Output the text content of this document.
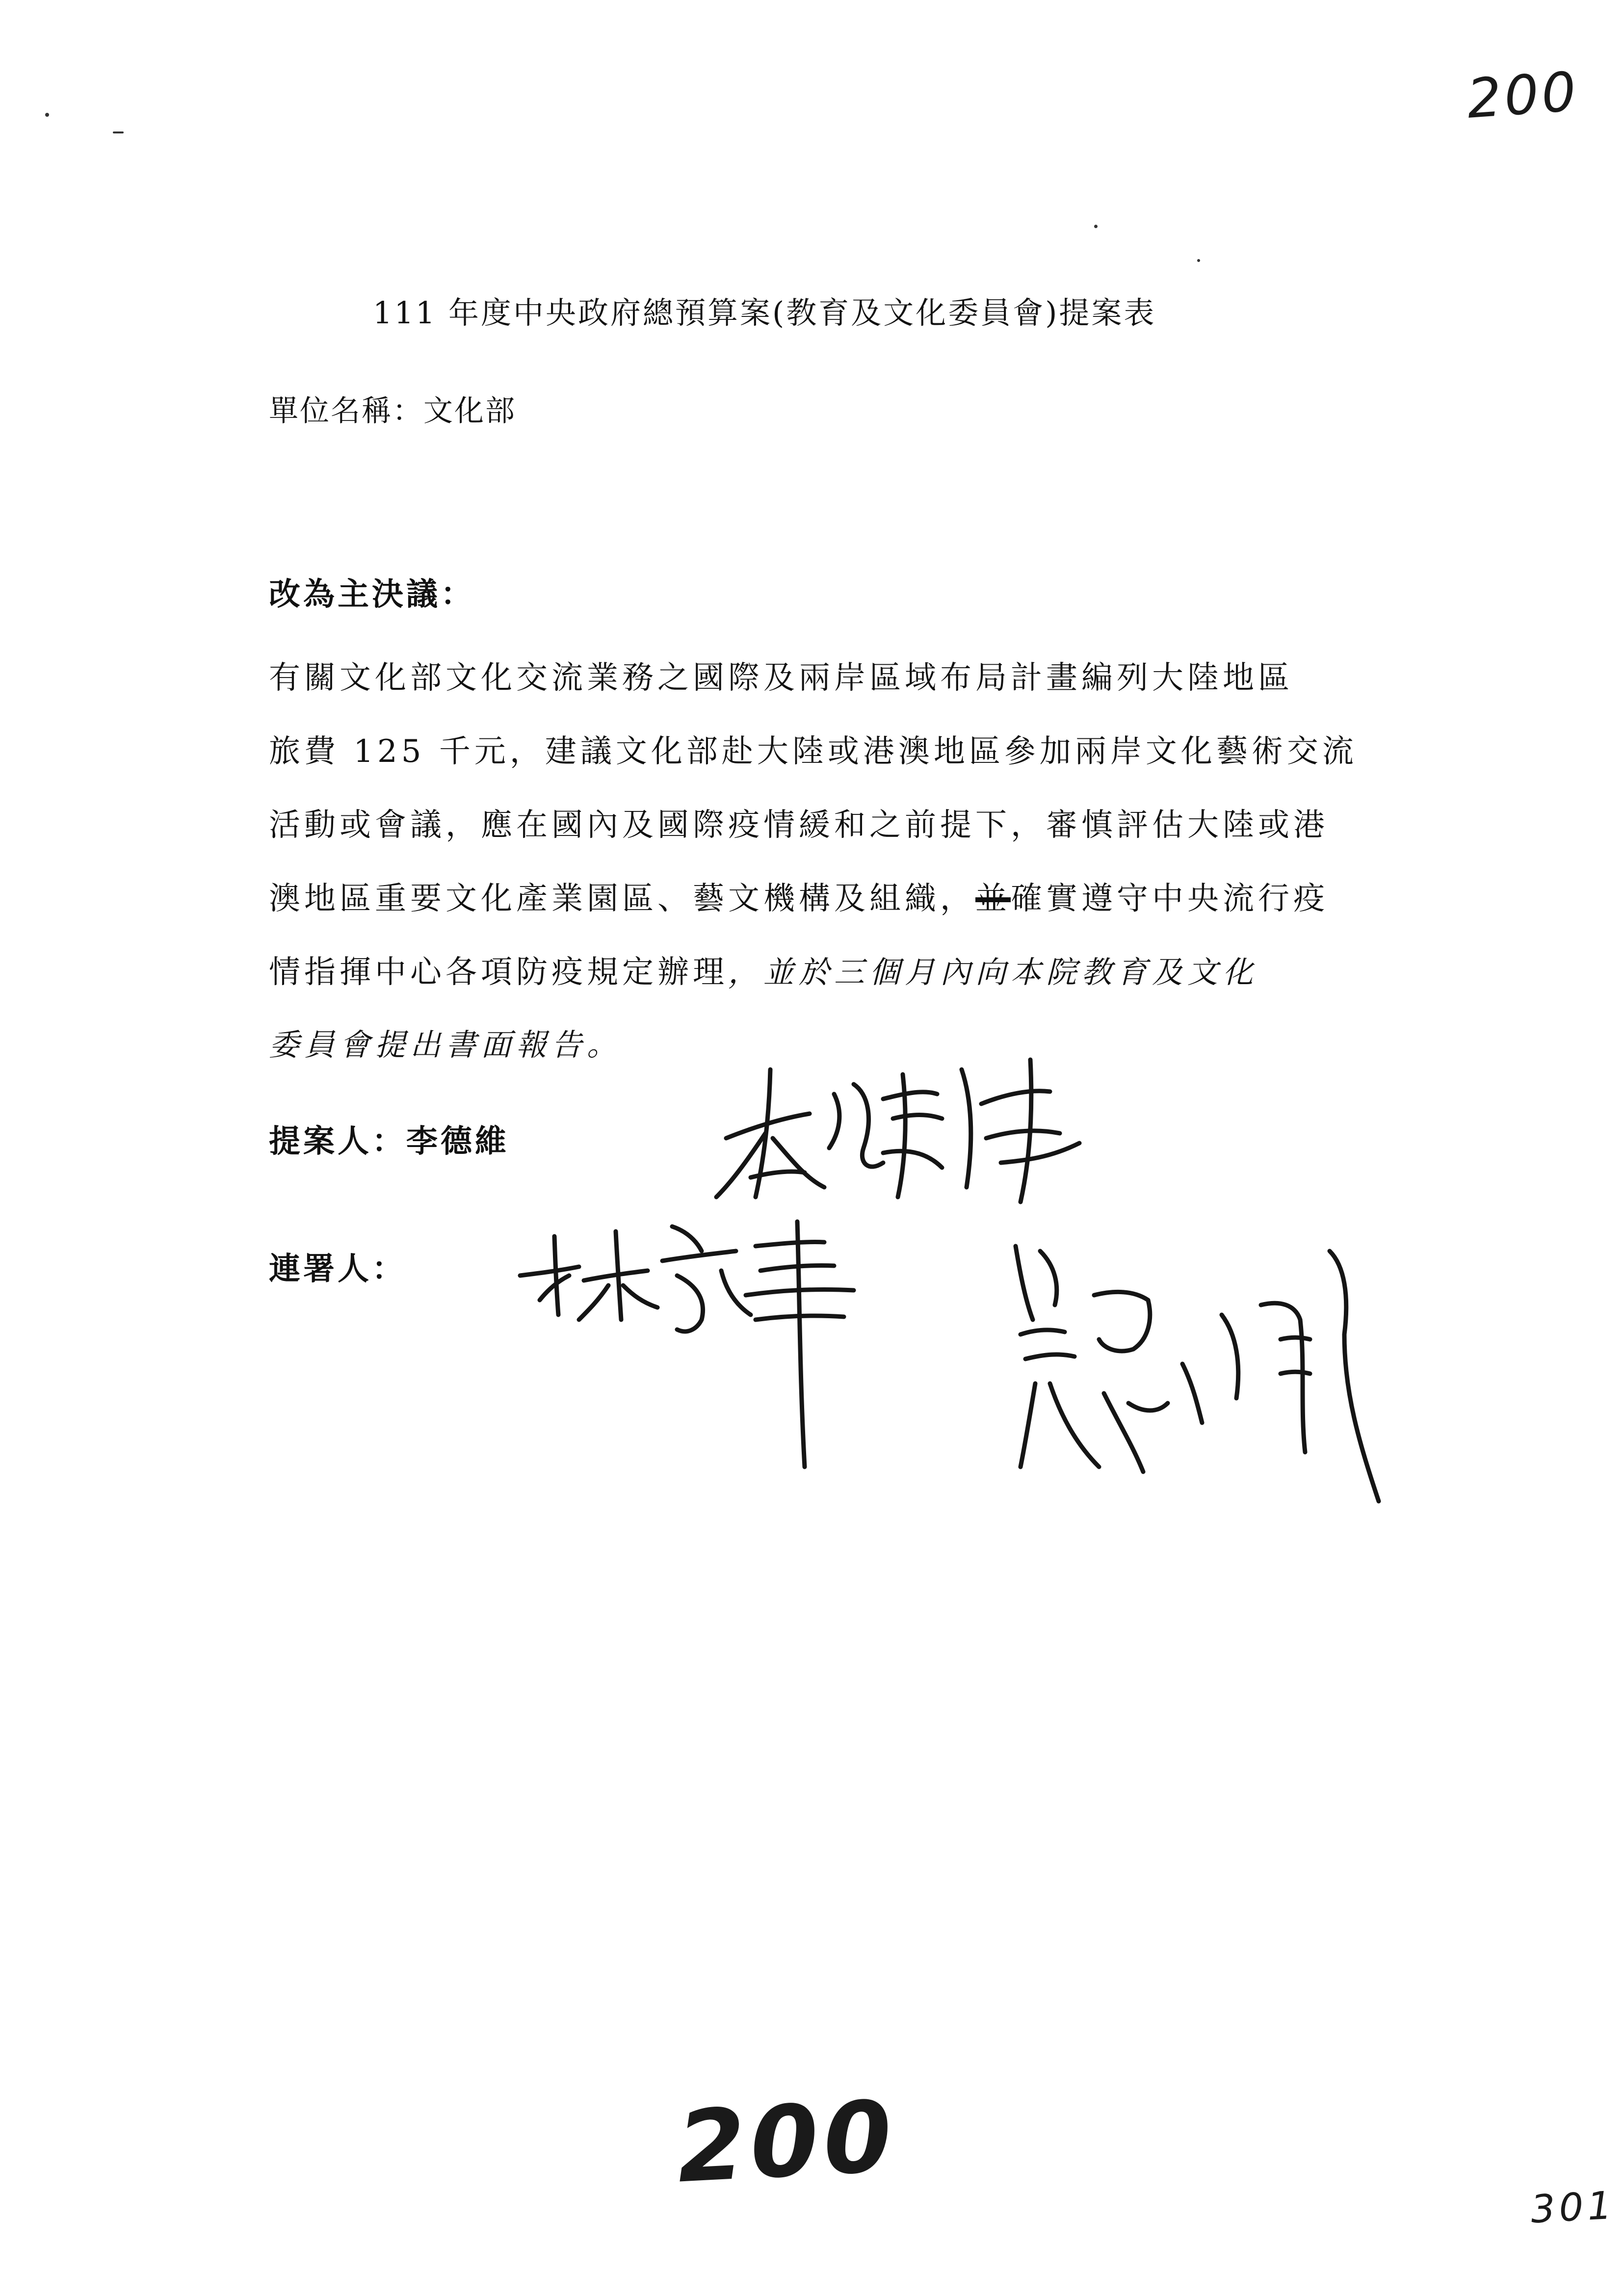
200
200
301
111 年度中央政府總預算案(教育及文化委員會)提案表
單位名稱：文化部
改為主決議：
有關文化部文化交流業務之國際及兩岸區域布局計畫編列大陸地區
旅費 125 千元，建議文化部赴大陸或港澳地區參加兩岸文化藝術交流
活動或會議，應在國內及國際疫情緩和之前提下，審慎評估大陸或港
澳地區重要文化產業園區、藝文機構及組織，並確實遵守中央流行疫
情指揮中心各項防疫規定辦理，並於三個月內向本院教育及文化
委員會提出書面報告。
提案人：李德維
連署人：
